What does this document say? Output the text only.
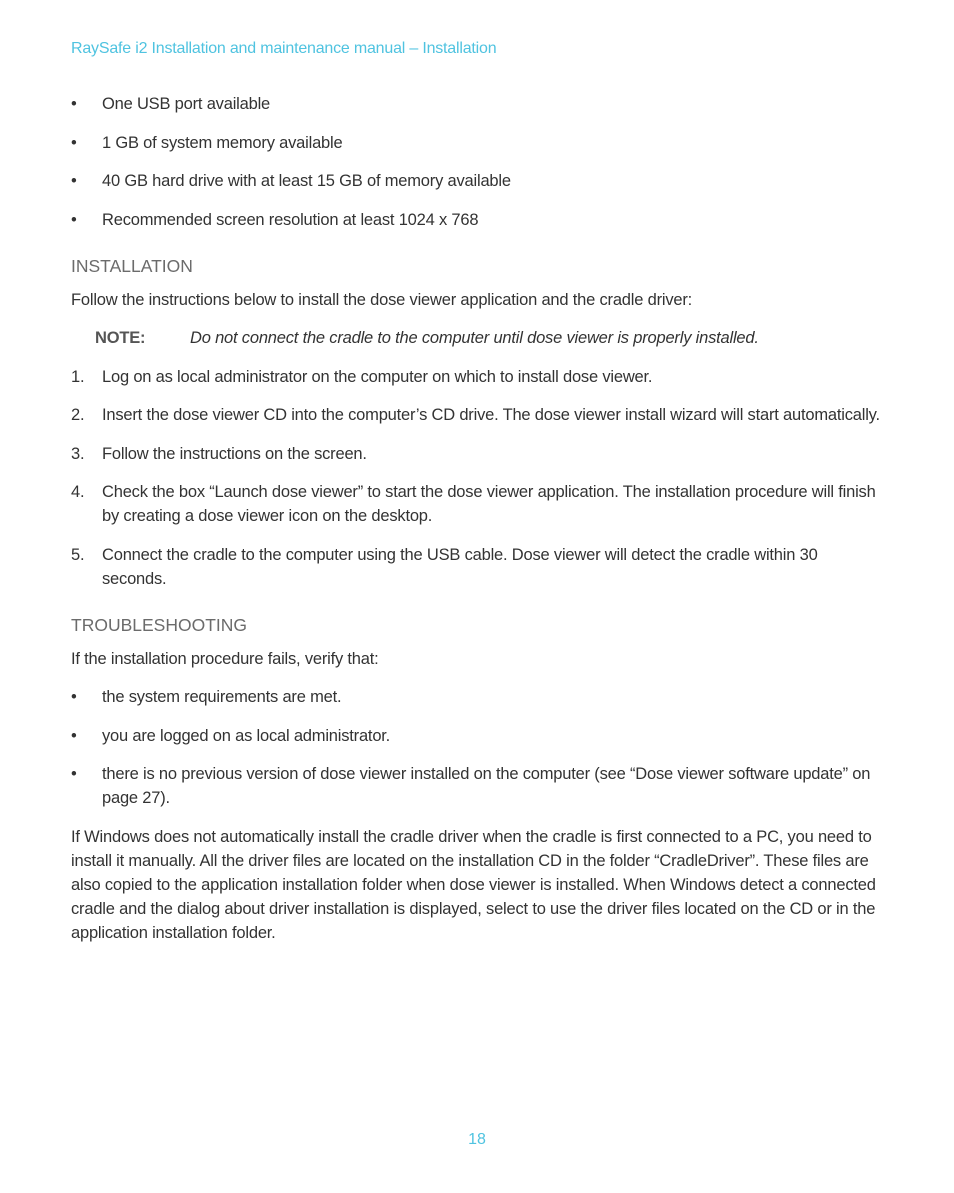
RaySafe i2 Installation and maintenance manual – Installation
• One USB port available
• 1 GB of system memory available
• 40 GB hard drive with at least 15 GB of memory available
• Recommended screen resolution at least 1024 x 768
INSTALLATION

Follow the instructions below to install the dose viewer application and the cradle driver:

NOTE:	Do not connect the cradle to the computer until dose viewer is properly installed.
1. Log on as local administrator on the computer on which to install dose viewer.
2. Insert the dose viewer CD into the computer’s CD drive. The dose viewer install wizard will start automatically.
3. Follow the instructions on the screen.
4. Check the box “Launch dose viewer” to start the dose viewer application. The installation procedure will finish by creating a dose viewer icon on the desktop.
5. Connect the cradle to the computer using the USB cable. Dose viewer will detect the cradle within 30 seconds.
TROUBLESHOOTING

If the installation procedure fails, verify that:

• the system requirements are met.
• you are logged on as local administrator.
• there is no previous version of dose viewer installed on the computer (see “Dose viewer software update” on page 27).

If Windows does not automatically install the cradle driver when the cradle is first connected to a PC, you need to install it manually. All the driver files are located on the installation CD in the folder “CradleDriver”. These files are also copied to the application installation folder when dose viewer is installed. When Windows detect a connected cradle and the dialog about driver installation is displayed, select to use the driver files located on the CD or in the application installation folder.

18
